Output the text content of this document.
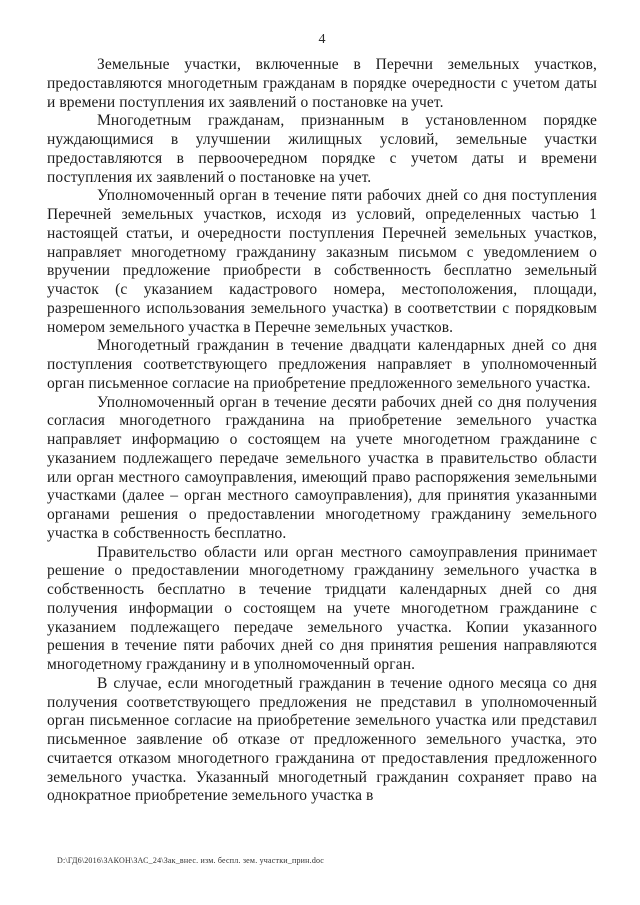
4

Земельные участки, включенные в Перечни земельных участков, предоставляются многодетным гражданам в порядке очередности с учетом даты и времени поступления их заявлений о постановке на учет.

Многодетным гражданам, признанным в установленном порядке нуждающимися в улучшении жилищных условий, земельные участки предоставляются в первоочередном порядке с учетом даты и времени поступления их заявлений о постановке на учет.

Уполномоченный орган в течение пяти рабочих дней со дня поступления Перечней земельных участков, исходя из условий, определенных частью 1 настоящей статьи, и очередности поступления Перечней земельных участков, направляет многодетному гражданину заказным письмом с уведомлением о вручении предложение приобрести в собственность бесплатно земельный участок (с указанием кадастрового номера, местоположения, площади, разрешенного использования земельного участка) в соответствии с порядковым номером земельного участка в Перечне земельных участков.

Многодетный гражданин в течение двадцати календарных дней со дня поступления соответствующего предложения направляет в уполномоченный орган письменное согласие на приобретение предложенного земельного участка.

Уполномоченный орган в течение десяти рабочих дней со дня получения согласия многодетного гражданина на приобретение земельного участка направляет информацию о состоящем на учете многодетном гражданине с указанием подлежащего передаче земельного участка в правительство области или орган местного самоуправления, имеющий право распоряжения земельными участками (далее – орган местного самоуправления), для принятия указанными органами решения о предоставлении многодетному гражданину земельного участка в собственность бесплатно.

Правительство области или орган местного самоуправления принимает решение о предоставлении многодетному гражданину земельного участка в собственность бесплатно в течение тридцати календарных дней со дня получения информации о состоящем на учете многодетном гражданине с указанием подлежащего передаче земельного участка. Копии указанного решения в течение пяти рабочих дней со дня принятия решения направляются многодетному гражданину и в уполномоченный орган.

В случае, если многодетный гражданин в течение одного месяца со дня получения соответствующего предложения не представил в уполномоченный орган письменное согласие на приобретение земельного участка или представил письменное заявление об отказе от предложенного земельного участка, это считается отказом многодетного гражданина от предоставления предложенного земельного участка. Указанный многодетный гражданин сохраняет право на однократное приобретение земельного участка в

D:\ГД6\2016\ЗАКОН\ЗАС_24\Зак_внес. изм. беспл. зем. участки_прин.doc
